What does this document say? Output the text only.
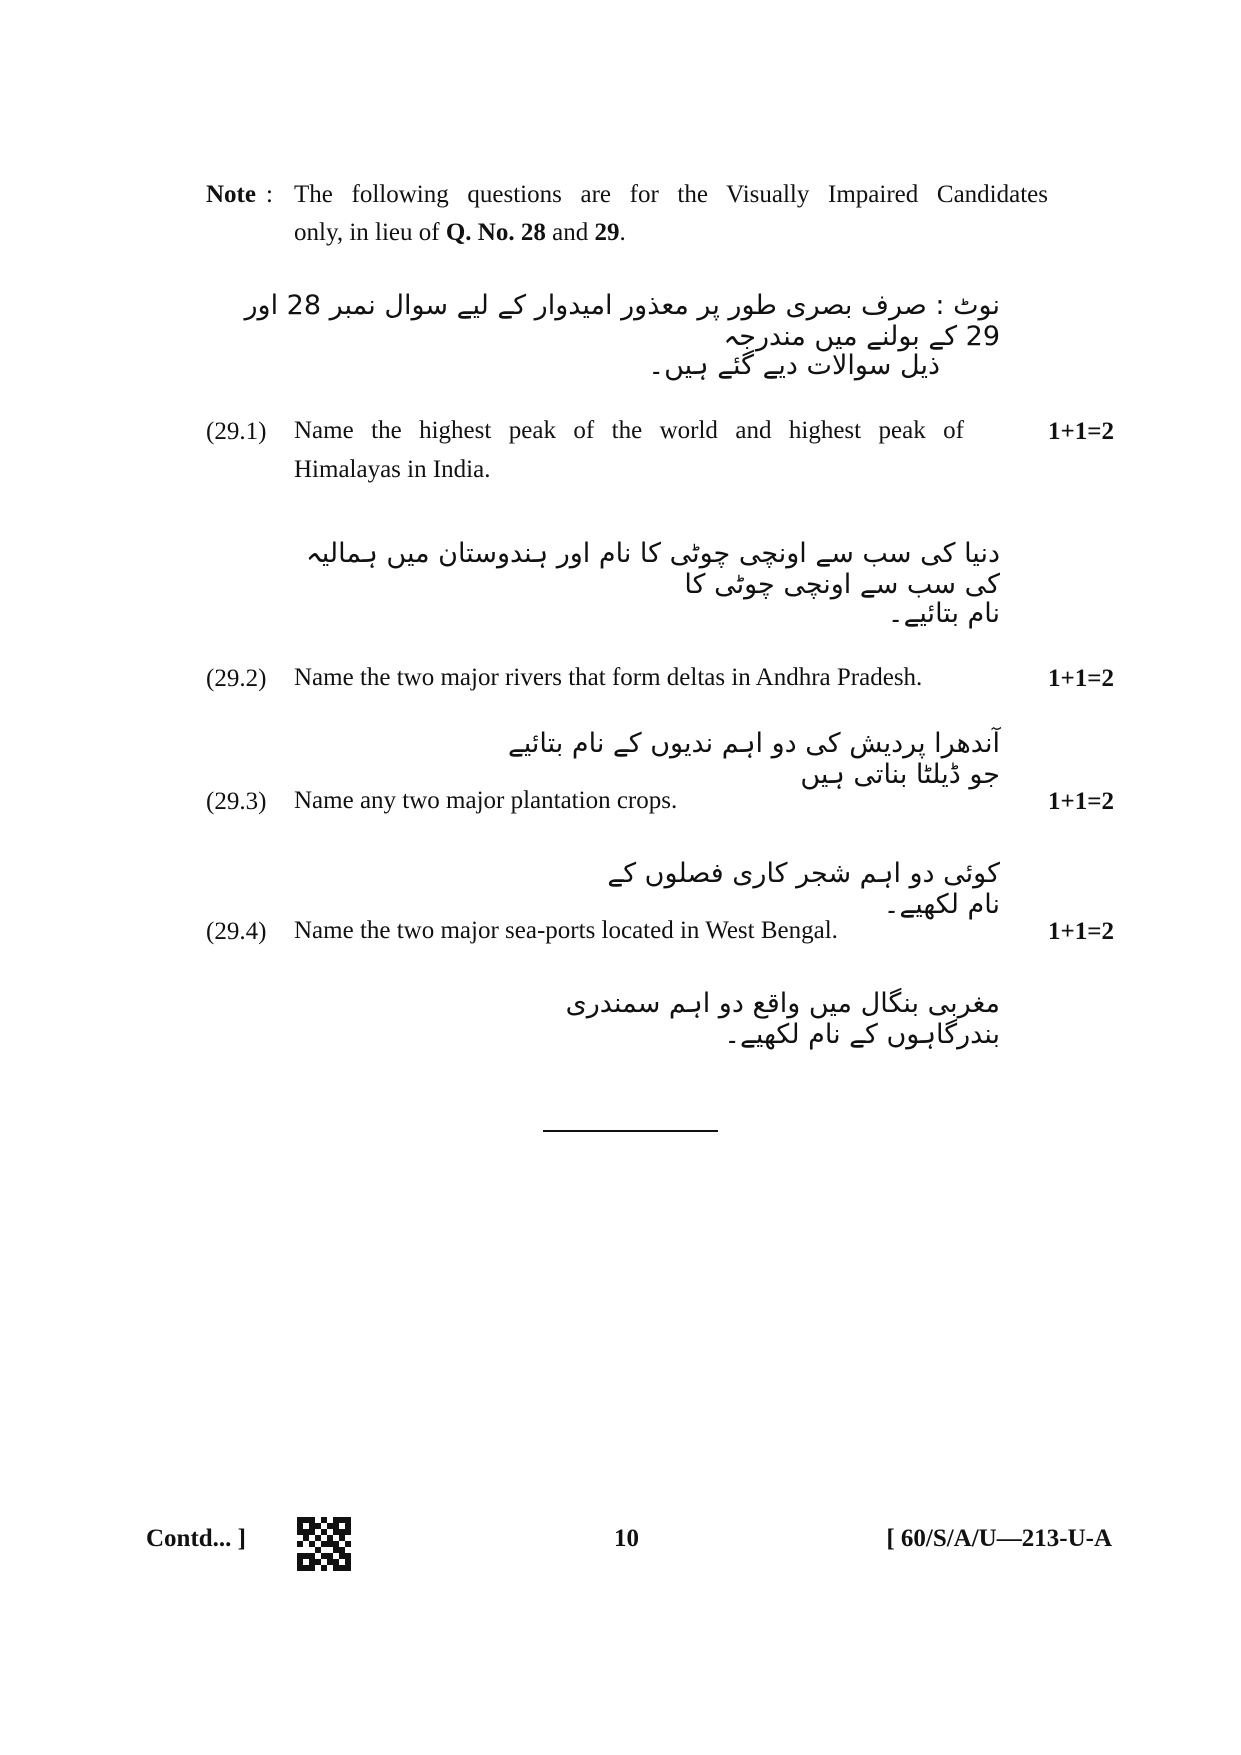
Note : The following questions are for the Visually Impaired Candidates
only, in lieu of Q. No. 28 and 29.
نوٹ : صرف بصری طور پر معذور امیدوار کے لیے سوال نمبر 28 اور 29 کے بولنے میں مندرجہ
ذیل سوالات دیے گئے ہیں۔
(29.1) Name the highest peak of the world and highest peak of
Himalayas in India.
1+1=2
دنیا کی سب سے اونچی چوٹی کا نام اور ہندوستان میں ہمالیہ کی سب سے اونچی چوٹی کا
نام بتائیے۔
(29.2) Name the two major rivers that form deltas in Andhra Pradesh.	1+1=2
آندھرا پردیش کی دو اہم ندیوں کے نام بتائیے جو ڈیلٹا بناتی ہیں
(29.3) Name any two major plantation crops.	1+1=2
کوئی دو اہم شجر کاری فصلوں کے نام لکھیے۔
(29.4) Name the two major sea-ports located in West Bengal.	1+1=2
مغربی بنگال میں واقع دو اہم سمندری بندرگاہوں کے نام لکھیے۔
Contd... ]	10	[ 60/S/A/U—213-U-A
